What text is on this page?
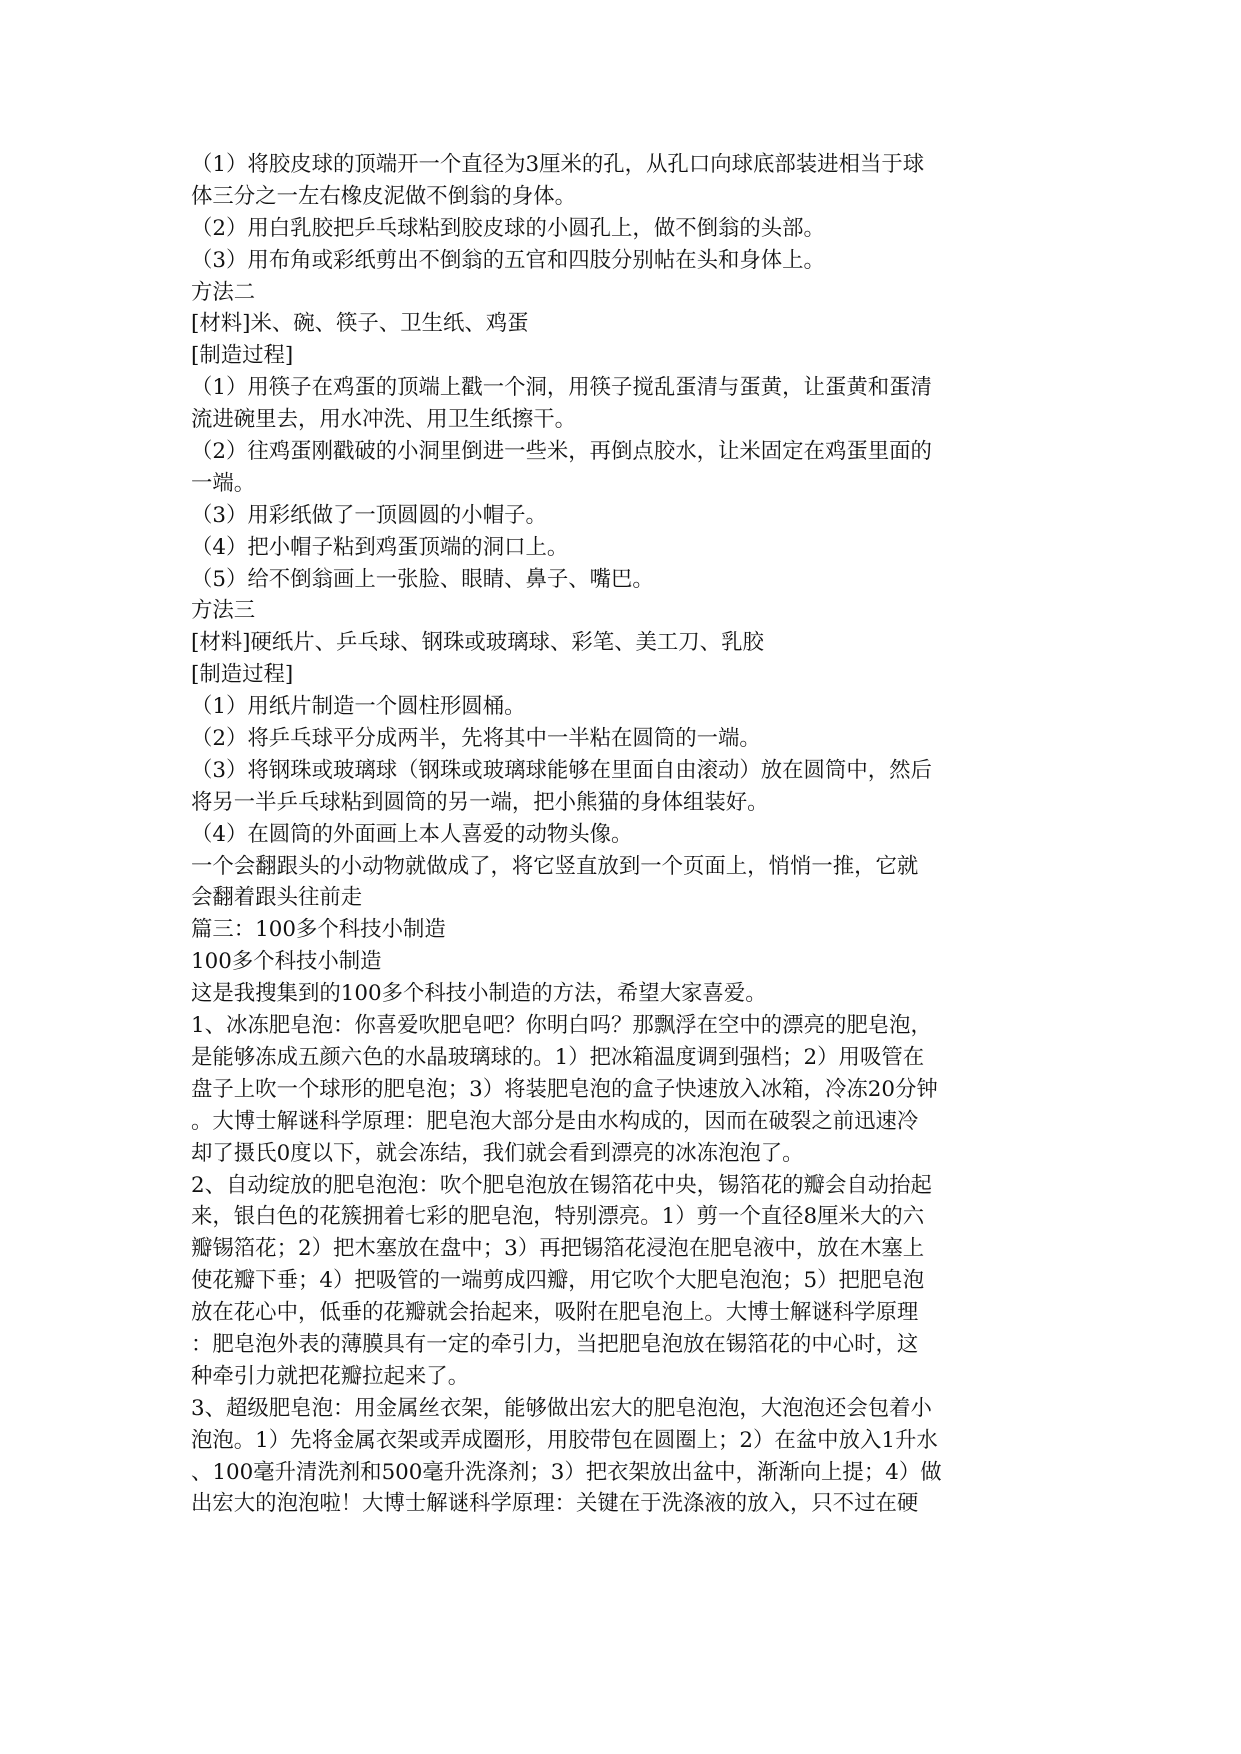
（1）将胶皮球的顶端开一个直径为3厘米的孔，从孔口向球底部装进相当于球
体三分之一左右橡皮泥做不倒翁的身体。
（2）用白乳胶把乒乓球粘到胶皮球的小圆孔上，做不倒翁的头部。
（3）用布角或彩纸剪出不倒翁的五官和四肢分别帖在头和身体上。
方法二
[材料]米、碗、筷子、卫生纸、鸡蛋
[制造过程]
（1）用筷子在鸡蛋的顶端上戳一个洞，用筷子搅乱蛋清与蛋黄，让蛋黄和蛋清
流进碗里去，用水冲洗、用卫生纸擦干。
（2）往鸡蛋刚戳破的小洞里倒进一些米，再倒点胶水，让米固定在鸡蛋里面的
一端。
（3）用彩纸做了一顶圆圆的小帽子。
（4）把小帽子粘到鸡蛋顶端的洞口上。
（5）给不倒翁画上一张脸、眼睛、鼻子、嘴巴。
方法三
[材料]硬纸片、乒乓球、钢珠或玻璃球、彩笔、美工刀、乳胶
[制造过程]
（1）用纸片制造一个圆柱形圆桶。
（2）将乒乓球平分成两半，先将其中一半粘在圆筒的一端。
（3）将钢珠或玻璃球（钢珠或玻璃球能够在里面自由滚动）放在圆筒中，然后
将另一半乒乓球粘到圆筒的另一端，把小熊猫的身体组装好。
（4）在圆筒的外面画上本人喜爱的动物头像。
一个会翻跟头的小动物就做成了，将它竖直放到一个页面上，悄悄一推，它就
会翻着跟头往前走
篇三：100多个科技小制造
100多个科技小制造
这是我搜集到的100多个科技小制造的方法，希望大家喜爱。
1、冰冻肥皂泡：你喜爱吹肥皂吧？你明白吗？那飘浮在空中的漂亮的肥皂泡，
是能够冻成五颜六色的水晶玻璃球的。1）把冰箱温度调到强档；2）用吸管在
盘子上吹一个球形的肥皂泡；3）将装肥皂泡的盒子快速放入冰箱，冷冻20分钟
。大博士解谜科学原理：肥皂泡大部分是由水构成的，因而在破裂之前迅速冷
却了摄氏0度以下，就会冻结，我们就会看到漂亮的冰冻泡泡了。
2、自动绽放的肥皂泡泡：吹个肥皂泡放在锡箔花中央，锡箔花的瓣会自动抬起
来，银白色的花簇拥着七彩的肥皂泡，特别漂亮。1）剪一个直径8厘米大的六
瓣锡箔花；2）把木塞放在盘中；3）再把锡箔花浸泡在肥皂液中，放在木塞上
使花瓣下垂；4）把吸管的一端剪成四瓣，用它吹个大肥皂泡泡；5）把肥皂泡
放在花心中，低垂的花瓣就会抬起来，吸附在肥皂泡上。大博士解谜科学原理
：肥皂泡外表的薄膜具有一定的牵引力，当把肥皂泡放在锡箔花的中心时，这
种牵引力就把花瓣拉起来了。
3、超级肥皂泡：用金属丝衣架，能够做出宏大的肥皂泡泡，大泡泡还会包着小
泡泡。1）先将金属衣架或弄成圈形，用胶带包在圆圈上；2）在盆中放入1升水
、100毫升清洗剂和500毫升洗涤剂；3）把衣架放出盆中，渐渐向上提；4）做
出宏大的泡泡啦！大博士解谜科学原理：关键在于洗涤液的放入，只不过在硬
